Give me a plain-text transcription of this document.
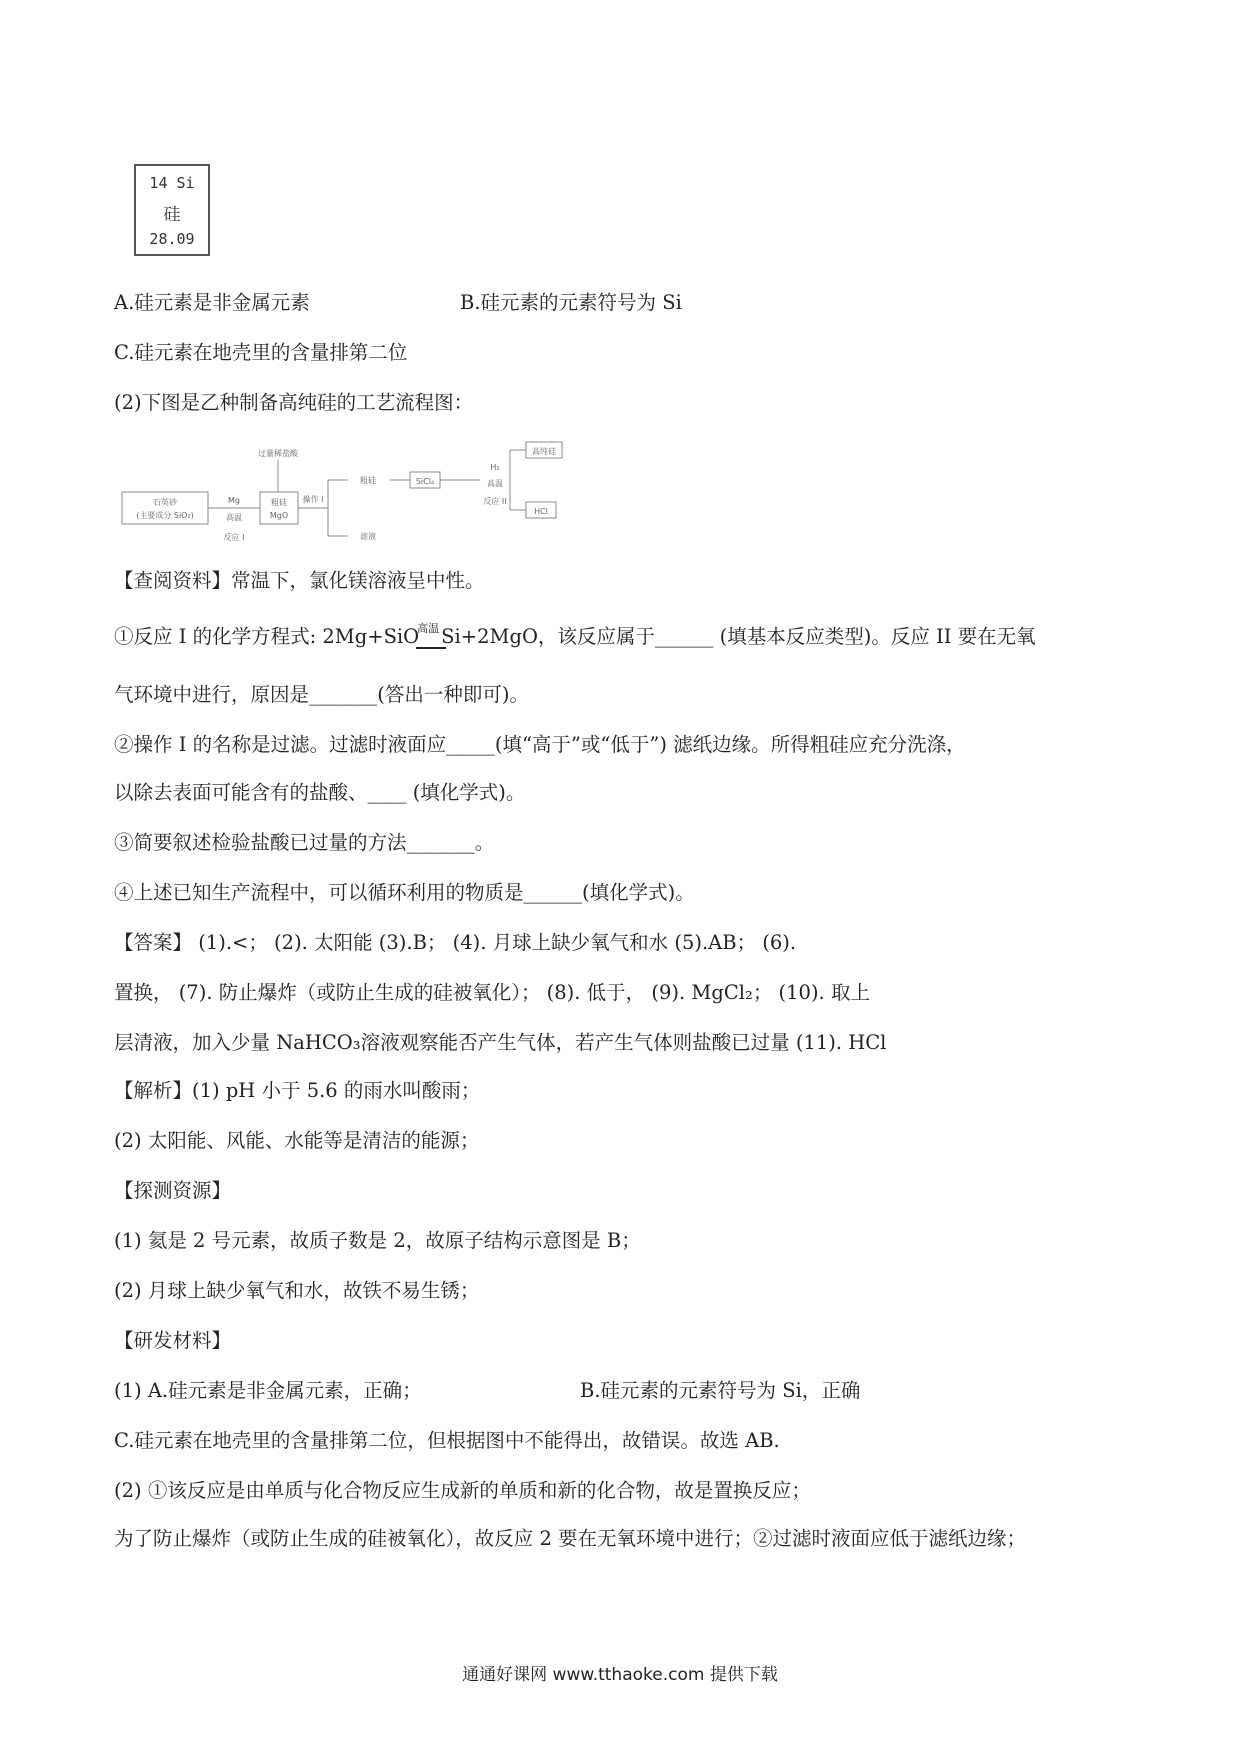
14 Si
硅
28.09
A.硅元素是非金属元素	B.硅元素的元素符号为 Si
C.硅元素在地壳里的含量排第二位
(2)下图是乙种制备高纯硅的工艺流程图：
石英砂
(主要成分 SiO₂)
Mg
高温
反应 I
粗硅
MgO
过量稀盐酸
操作 I
粗硅	SiCl₄
H₂
高温
反应 II
高纯硅
HCl
滤液
【查阅资料】常温下，氯化镁溶液呈中性。
①反应 I 的化学方程式: 2Mg+SiO
高温 Si+2MgO，该反应属于______ (填基本反应类型)。反应 II 要在无氧
气环境中进行，原因是_______(答出一种即可)。
②操作 I 的名称是过滤。过滤时液面应_____(填“高于”或“低于”) 滤纸边缘。所得粗硅应充分洗涤，
以除去表面可能含有的盐酸、____ (填化学式)。
③简要叙述检验盐酸已过量的方法_______。
④上述已知生产流程中，可以循环利用的物质是______(填化学式)。
【答案】 (1).<； (2). 太阳能 (3).B； (4). 月球上缺少氧气和水 (5).AB； (6).
置换， (7). 防止爆炸（或防止生成的硅被氧化）； (8). 低于， (9). MgCl₂； (10). 取上
层清液，加入少量 NaHCO₃溶液观察能否产生气体，若产生气体则盐酸已过量 (11). HCl
【解析】(1) pH 小于 5.6 的雨水叫酸雨；
(2) 太阳能、风能、水能等是清洁的能源；
【探测资源】
(1) 氦是 2 号元素，故质子数是 2，故原子结构示意图是 B；
(2) 月球上缺少氧气和水，故铁不易生锈；
【研发材料】
(1) A.硅元素是非金属元素，正确；	B.硅元素的元素符号为 Si，正确
C.硅元素在地壳里的含量排第二位，但根据图中不能得出，故错误。故选 AB.
(2) ①该反应是由单质与化合物反应生成新的单质和新的化合物，故是置换反应；
为了防止爆炸（或防止生成的硅被氧化），故反应 2 要在无氧环境中进行；②过滤时液面应低于滤纸边缘；
通通好课网 www.tthaoke.com 提供下载
